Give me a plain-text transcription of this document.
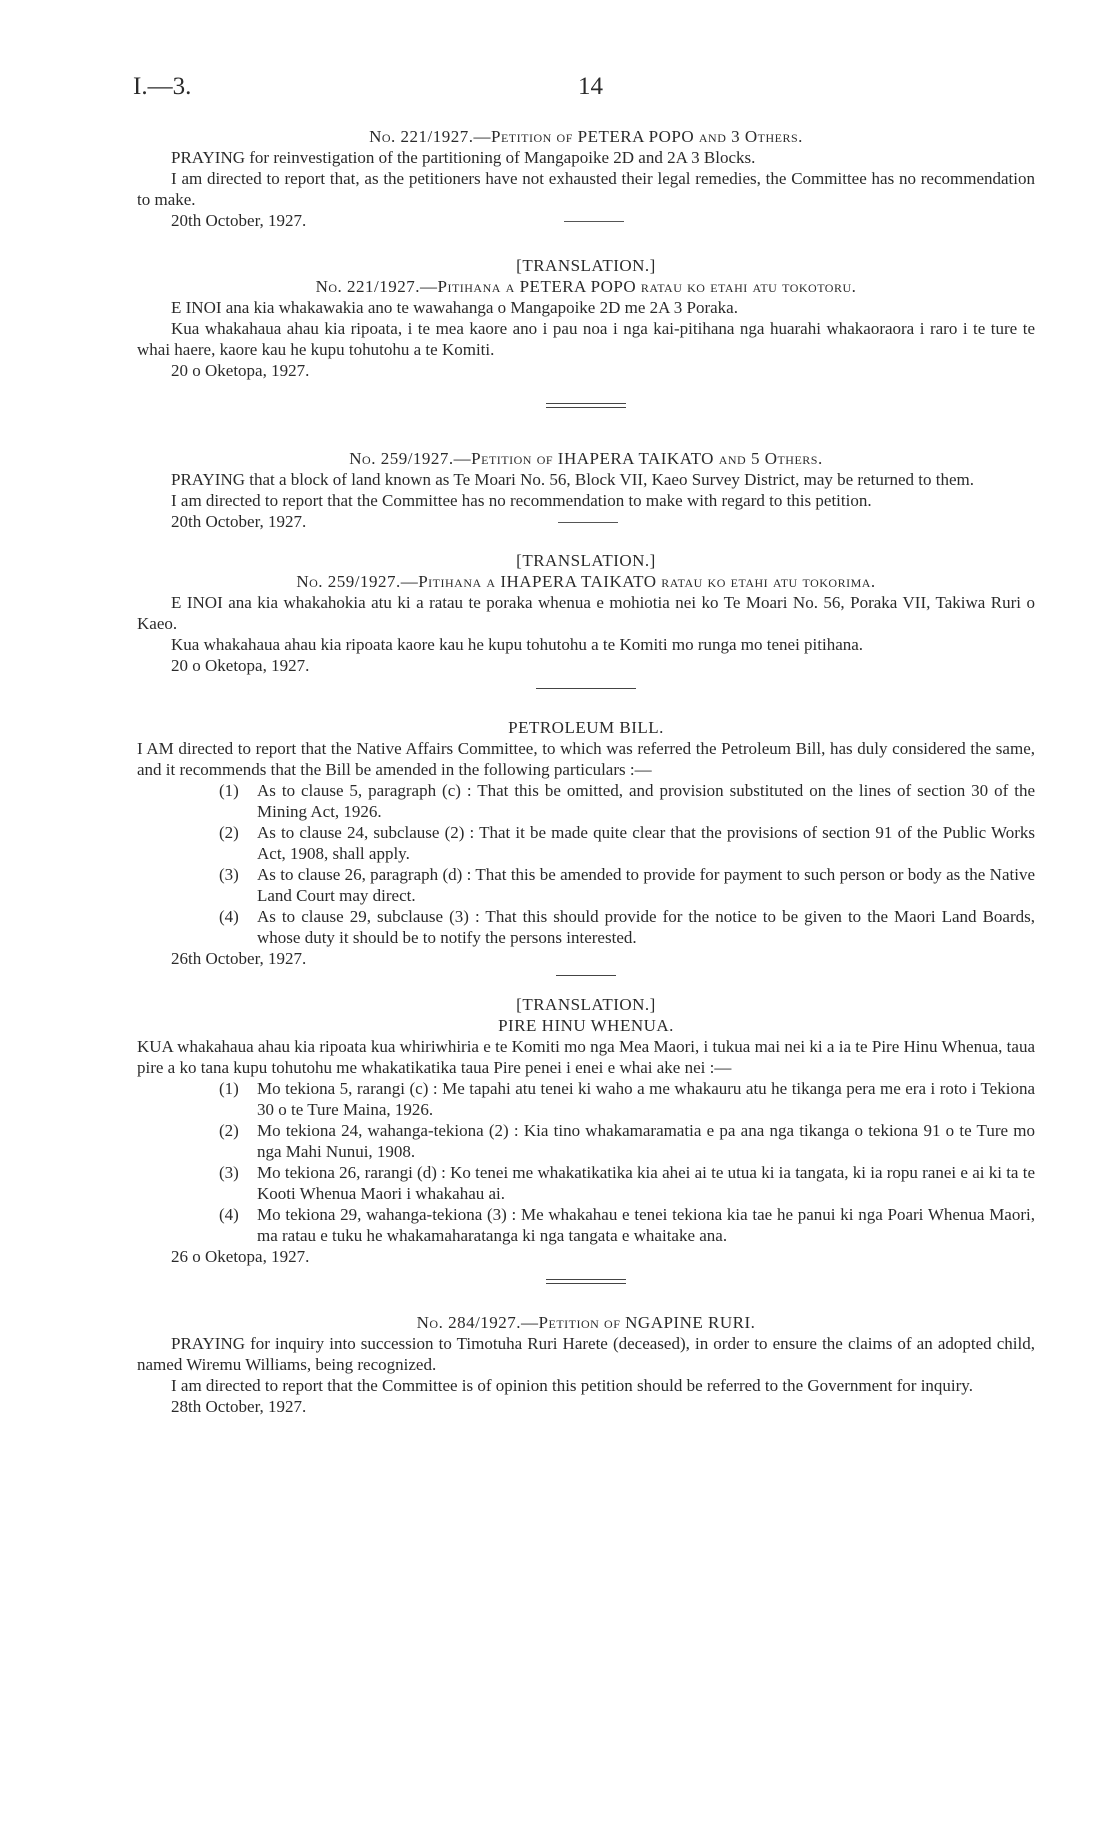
I.—3.	14

No. 221/1927.—Petition of PETERA POPO and 3 Others.

PRAYING for reinvestigation of the partitioning of Mangapoike 2D and 2A 3 Blocks.

I am directed to report that, as the petitioners have not exhausted their legal remedies, the Committee has no recommendation to make.

20th October, 1927.

[TRANSLATION.]

No. 221/1927.—Pitihana a PETERA POPO ratau ko etahi atu tokotoru.

E INOI ana kia whakawakia ano te wawahanga o Mangapoike 2D me 2A 3 Poraka.

Kua whakahaua ahau kia ripoata, i te mea kaore ano i pau noa i nga kai-pitihana nga huarahi whakaoraora i raro i te ture te whai haere, kaore kau he kupu tohutohu a te Komiti.

20 o Oketopa, 1927.

No. 259/1927.—Petition of IHAPERA TAIKATO and 5 Others.

PRAYING that a block of land known as Te Moari No. 56, Block VII, Kaeo Survey District, may be returned to them.

I am directed to report that the Committee has no recommendation to make with regard to this petition.

20th October, 1927.

[TRANSLATION.]

No. 259/1927.—Pitihana a IHAPERA TAIKATO ratau ko etahi atu tokorima.

E INOI ana kia whakahokia atu ki a ratau te poraka whenua e mohiotia nei ko Te Moari No. 56, Poraka VII, Takiwa Ruri o Kaeo.

Kua whakahaua ahau kia ripoata kaore kau he kupu tohutohu a te Komiti mo runga mo tenei pitihana.

20 o Oketopa, 1927.

PETROLEUM BILL.

I AM directed to report that the Native Affairs Committee, to which was referred the Petroleum Bill, has duly considered the same, and it recommends that the Bill be amended in the following particulars :—

(1) As to clause 5, paragraph (c) : That this be omitted, and provision substituted on the lines of section 30 of the Mining Act, 1926.
(2) As to clause 24, subclause (2) : That it be made quite clear that the provisions of section 91 of the Public Works Act, 1908, shall apply.
(3) As to clause 26, paragraph (d) : That this be amended to provide for payment to such person or body as the Native Land Court may direct.
(4) As to clause 29, subclause (3) : That this should provide for the notice to be given to the Maori Land Boards, whose duty it should be to notify the persons interested.

26th October, 1927.

[TRANSLATION.]

PIRE HINU WHENUA.

KUA whakahaua ahau kia ripoata kua whiriwhiria e te Komiti mo nga Mea Maori, i tukua mai nei ki a ia te Pire Hinu Whenua, taua pire a ko tana kupu tohutohu me whakatikatika taua Pire penei i enei e whai ake nei :—

(1) Mo tekiona 5, rarangi (c) : Me tapahi atu tenei ki waho a me whakauru atu he tikanga pera me era i roto i Tekiona 30 o te Ture Maina, 1926.
(2) Mo tekiona 24, wahanga-tekiona (2) : Kia tino whakamaramatia e pa ana nga tikanga o tekiona 91 o te Ture mo nga Mahi Nunui, 1908.
(3) Mo tekiona 26, rarangi (d) : Ko tenei me whakatikatika kia ahei ai te utua ki ia tangata, ki ia ropu ranei e ai ki ta te Kooti Whenua Maori i whakahau ai.
(4) Mo tekiona 29, wahanga-tekiona (3) : Me whakahau e tenei tekiona kia tae he panui ki nga Poari Whenua Maori, ma ratau e tuku he whakamaharatanga ki nga tangata e whaitake ana.

26 o Oketopa, 1927.

No. 284/1927.—Petition of NGAPINE RURI.

PRAYING for inquiry into succession to Timotuha Ruri Harete (deceased), in order to ensure the claims of an adopted child, named Wiremu Williams, being recognized.

I am directed to report that the Committee is of opinion this petition should be referred to the Government for inquiry.

28th October, 1927.
